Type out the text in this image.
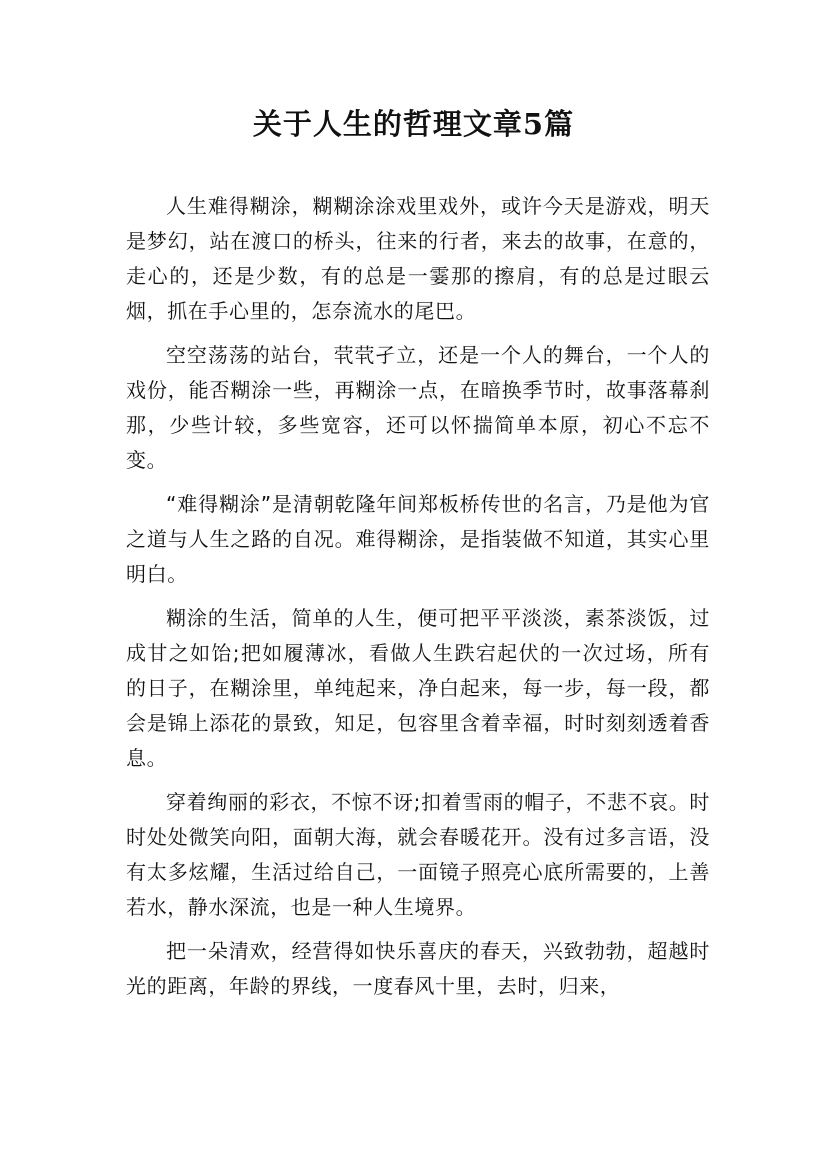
关于人生的哲理文章5篇

人生难得糊涂，糊糊涂涂戏里戏外，或许今天是游戏，明天是梦幻，站在渡口的桥头，往来的行者，来去的故事，在意的，走心的，还是少数，有的总是一霎那的擦肩，有的总是过眼云烟，抓在手心里的，怎奈流水的尾巴。

空空荡荡的站台，茕茕孑立，还是一个人的舞台，一个人的戏份，能否糊涂一些，再糊涂一点，在暗换季节时，故事落幕刹那，少些计较，多些宽容，还可以怀揣简单本原，初心不忘不变。

“难得糊涂”是清朝乾隆年间郑板桥传世的名言，乃是他为官之道与人生之路的自况。难得糊涂，是指装做不知道，其实心里明白。

糊涂的生活，简单的人生，便可把平平淡淡，素茶淡饭，过成甘之如饴;把如履薄冰，看做人生跌宕起伏的一次过场，所有的日子，在糊涂里，单纯起来，净白起来，每一步，每一段，都会是锦上添花的景致，知足，包容里含着幸福，时时刻刻透着香息。

穿着绚丽的彩衣，不惊不讶;扣着雪雨的帽子，不悲不哀。时时处处微笑向阳，面朝大海，就会春暖花开。没有过多言语，没有太多炫耀，生活过给自己，一面镜子照亮心底所需要的，上善若水，静水深流，也是一种人生境界。

把一朵清欢，经营得如快乐喜庆的春天，兴致勃勃，超越时光的距离，年龄的界线，一度春风十里，去时，归来，
